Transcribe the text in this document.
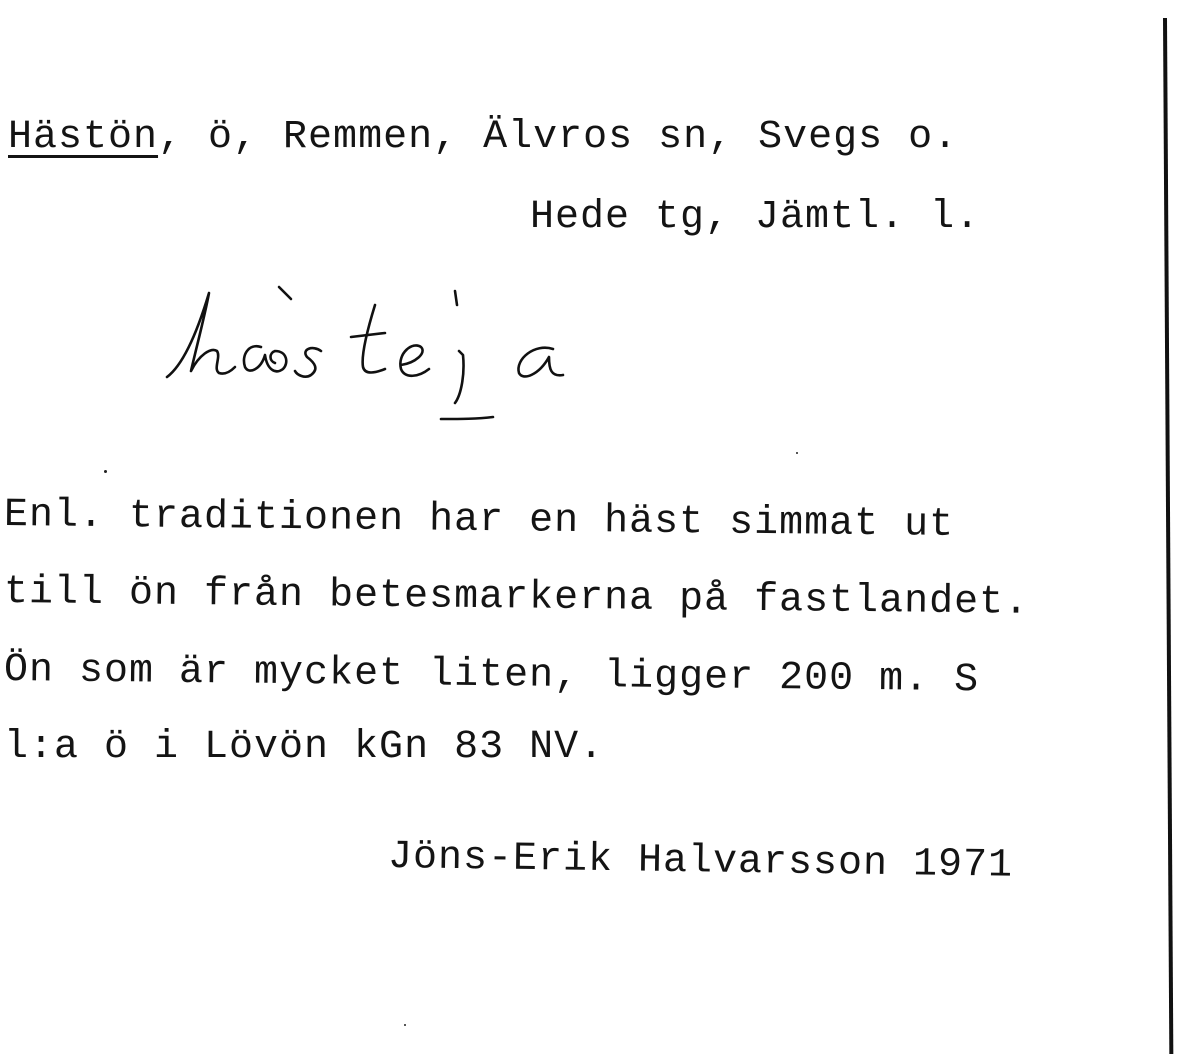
Hästön, ö, Remmen, Älvros sn, Svegs o.
Hede tg, Jämtl. l.
Enl. traditionen har en häst simmat ut
till ön från betesmarkerna på fastlandet.
Ön som är mycket liten, ligger 200 m. S
l:a ö i Lövön kGn 83 NV.
Jöns-Erik Halvarsson 1971
